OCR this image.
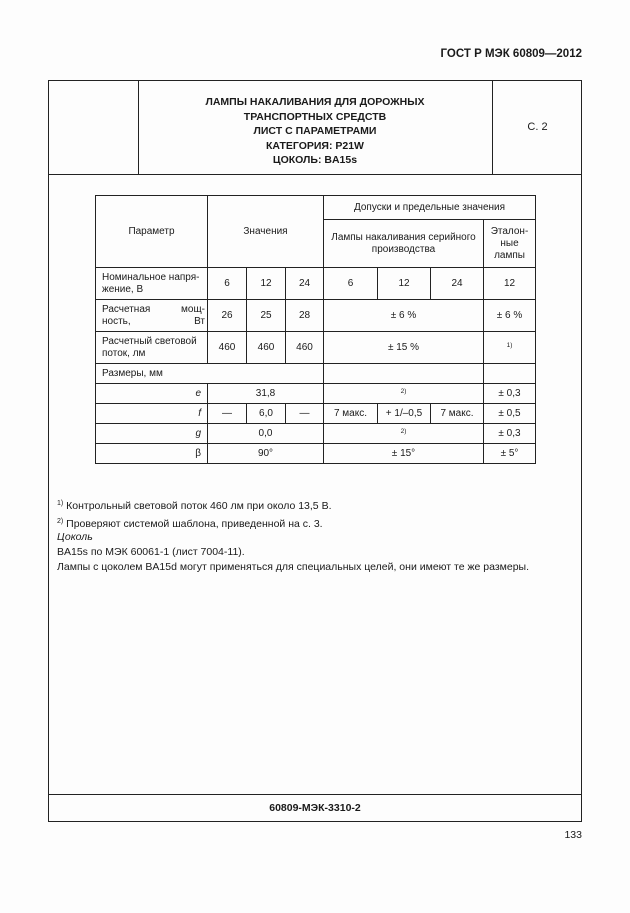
ГОСТ Р МЭК 60809—2012
ЛАМПЫ НАКАЛИВАНИЯ ДЛЯ ДОРОЖНЫХ
ТРАНСПОРТНЫХ СРЕДСТВ
ЛИСТ С ПАРАМЕТРАМИ
КАТЕГОРИЯ: P21W
ЦОКОЛЬ: BA15s
С. 2
60809-МЭК-3310-2
Параметр	Значения			Допуски и предельные значения			
				Лампы накаливания серийного производства			Эталон-ные лампы
Номинальное напря-жение, В	6	12	24	6	12	24	12

Расчетная мощ-ность, Вт	26	25	28	± 6 %			± 6 %
Расчетный световой поток, лм	460	460	460	± 15 %			$^{1)}$
Размеры, мм							
e	31,8			$^{2)}$			± 0,3
f	—	6,0	—	7 макс.	+ 1/–0,5	7 макс.	± 0,5
g	0,0			$^{2)}$			± 0,3
β	90°			± 15°			± 5°
$^{1)}$ Контрольный световой поток 460 лм при около 13,5 В.
$^{2)}$ Проверяют системой шаблона, приведенной на с. 3.
Цоколь
BA15s по МЭК 60061-1 (лист 7004-11).
Лампы с цоколем BA15d могут применяться для специальных целей, они имеют те же размеры.
133
